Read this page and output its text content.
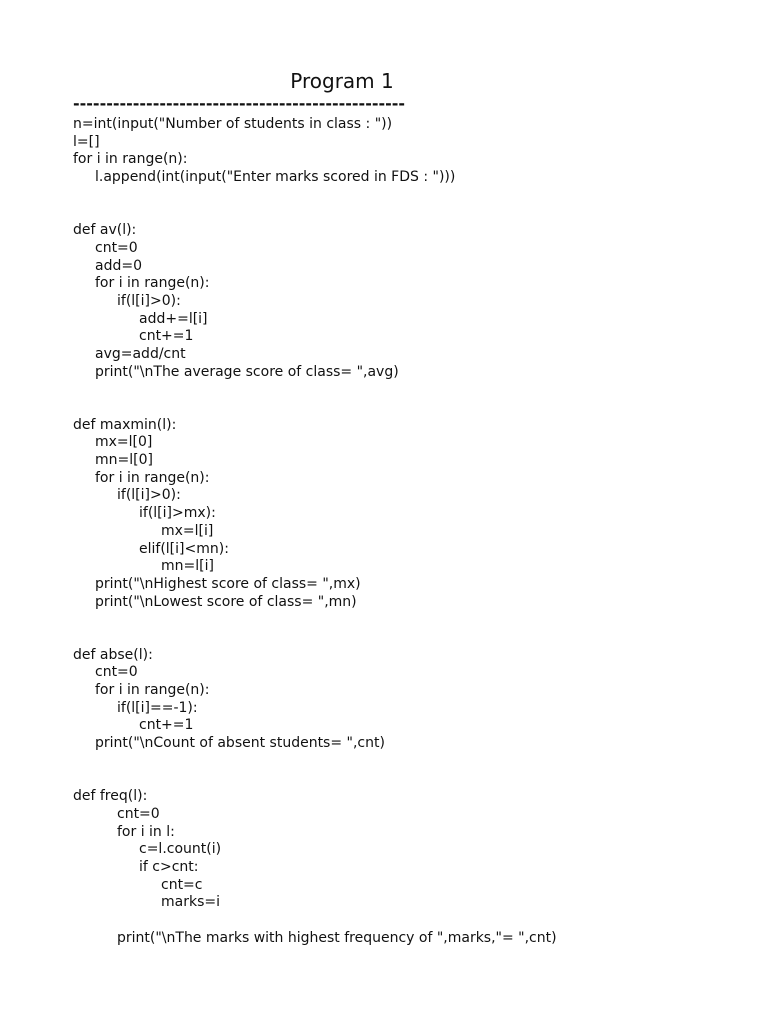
Program 1
--------------------------------------------------
n=int(input("Number of students in class : "))
l=[]
for i in range(n):
l.append(int(input("Enter marks scored in FDS : ")))
def av(l):
cnt=0
add=0
for i in range(n):
if(l[i]>0):
add+=l[i]
cnt+=1
avg=add/cnt
print("\nThe average score of class= ",avg)
def maxmin(l):
mx=l[0]
mn=l[0]
for i in range(n):
if(l[i]>0):
if(l[i]>mx):
mx=l[i]
elif(l[i]<mn):
mn=l[i]
print("\nHighest score of class= ",mx)
print("\nLowest score of class= ",mn)
def abse(l):
cnt=0
for i in range(n):
if(l[i]==-1):
cnt+=1
print("\nCount of absent students= ",cnt)
def freq(l):
cnt=0
for i in l:
c=l.count(i)
if c>cnt:
cnt=c
marks=i
print("\nThe marks with highest frequency of ",marks,"= ",cnt)
